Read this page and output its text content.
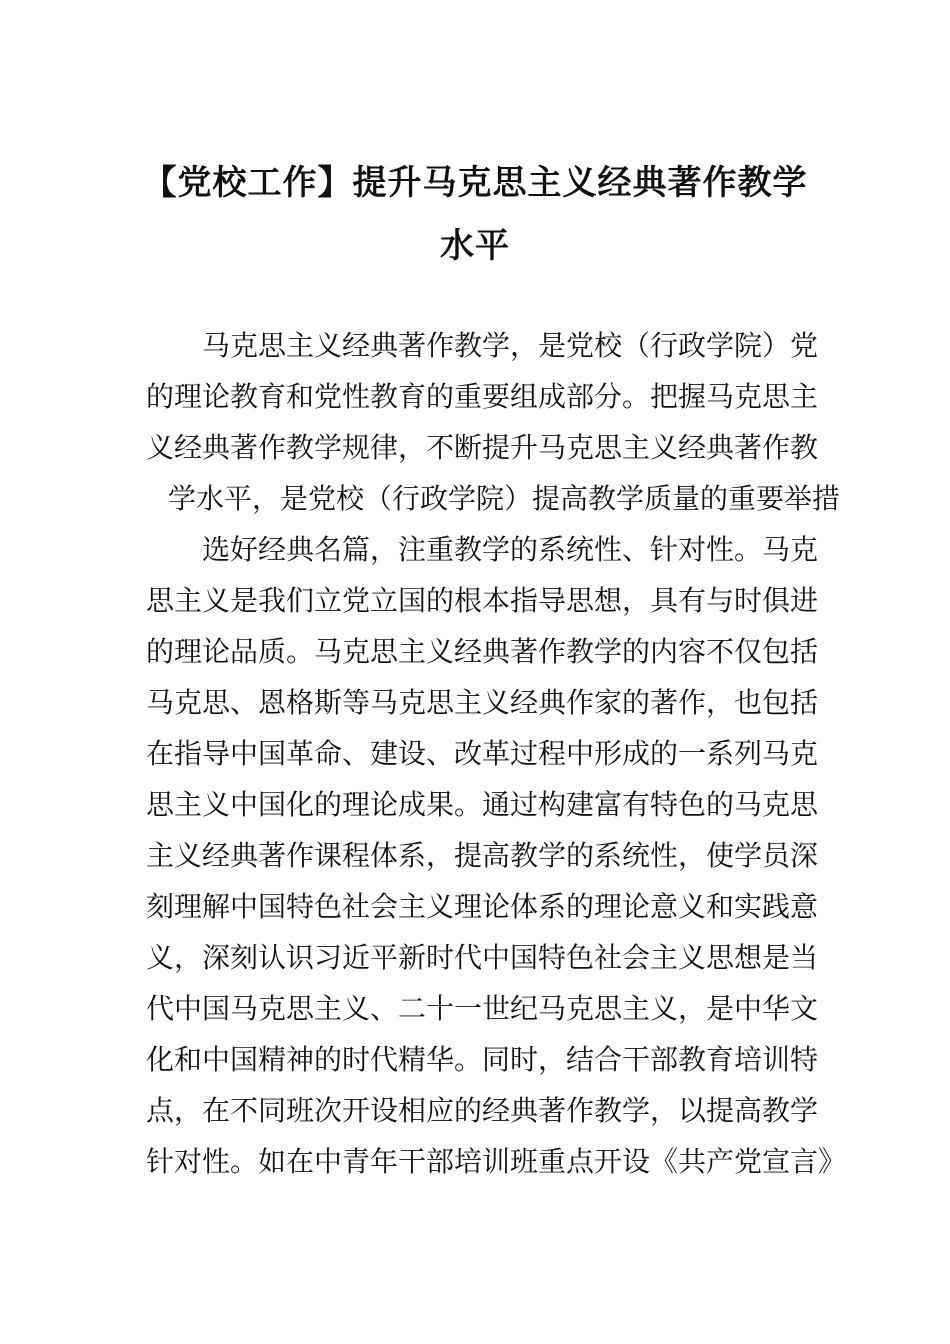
【党校工作】提升马克思主义经典著作教学
水平

马克思主义经典著作教学，是党校（行政学院）党

的理论教育和党性教育的重要组成部分。把握马克思主

义经典著作教学规律，不断提升马克思主义经典著作教

学水平，是党校（行政学院）提高教学质量的重要举措

选好经典名篇，注重教学的系统性、针对性。马克

思主义是我们立党立国的根本指导思想，具有与时俱进

的理论品质。马克思主义经典著作教学的内容不仅包括

马克思、恩格斯等马克思主义经典作家的著作，也包括

在指导中国革命、建设、改革过程中形成的一系列马克

思主义中国化的理论成果。通过构建富有特色的马克思

主义经典著作课程体系，提高教学的系统性，使学员深

刻理解中国特色社会主义理论体系的理论意义和实践意

义，深刻认识习近平新时代中国特色社会主义思想是当

代中国马克思主义、二十一世纪马克思主义，是中华文

化和中国精神的时代精华。同时，结合干部教育培训特

点，在不同班次开设相应的经典著作教学，以提高教学

针对性。如在中青年干部培训班重点开设《共产党宣言》
